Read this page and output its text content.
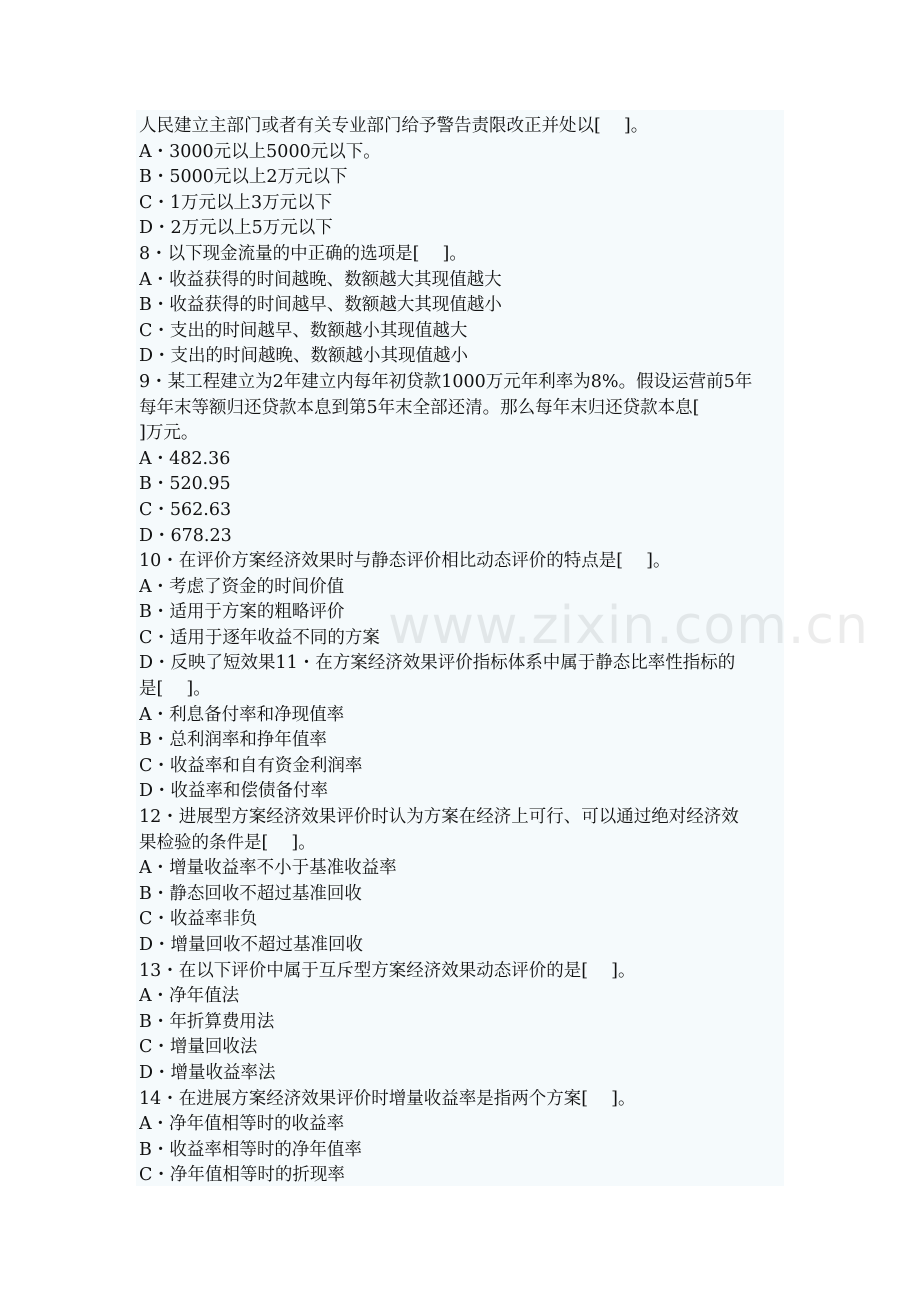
人民建立主部门或者有关专业部门给予警告责限改正并处以[　 ]。
A・3000元以上5000元以下。
B・5000元以上2万元以下
C・1万元以上3万元以下
D・2万元以上5万元以下
8・以下现金流量的中正确的选项是[　 ]。
A・收益获得的时间越晚、数额越大其现值越大
B・收益获得的时间越早、数额越大其现值越小
C・支出的时间越早、数额越小其现值越大
D・支出的时间越晚、数额越小其现值越小
9・某工程建立为2年建立内每年初贷款1000万元年利率为8%。假设运营前5年
每年末等额归还贷款本息到第5年末全部还清。那么每年末归还贷款本息[
]万元。
A・482.36
B・520.95
C・562.63
D・678.23
10・在评价方案经济效果时与静态评价相比动态评价的特点是[　 ]。
A・考虑了资金的时间价值
B・适用于方案的粗略评价
C・适用于逐年收益不同的方案
D・反映了短效果11・在方案经济效果评价指标体系中属于静态比率性指标的
是[　 ]。
A・利息备付率和净现值率
B・总利润率和挣年值率
C・收益率和自有资金利润率
D・收益率和偿债备付率
12・进展型方案经济效果评价时认为方案在经济上可行、可以通过绝对经济效
果检验的条件是[　 ]。
A・增量收益率不小于基准收益率
B・静态回收不超过基准回收
C・收益率非负
D・增量回收不超过基准回收
13・在以下评价中属于互斥型方案经济效果动态评价的是[　 ]。
A・净年值法
B・年折算费用法
C・增量回收法
D・增量收益率法
14・在进展方案经济效果评价时增量收益率是指两个方案[　 ]。
A・净年值相等时的收益率
B・收益率相等时的净年值率
C・净年值相等时的折现率
